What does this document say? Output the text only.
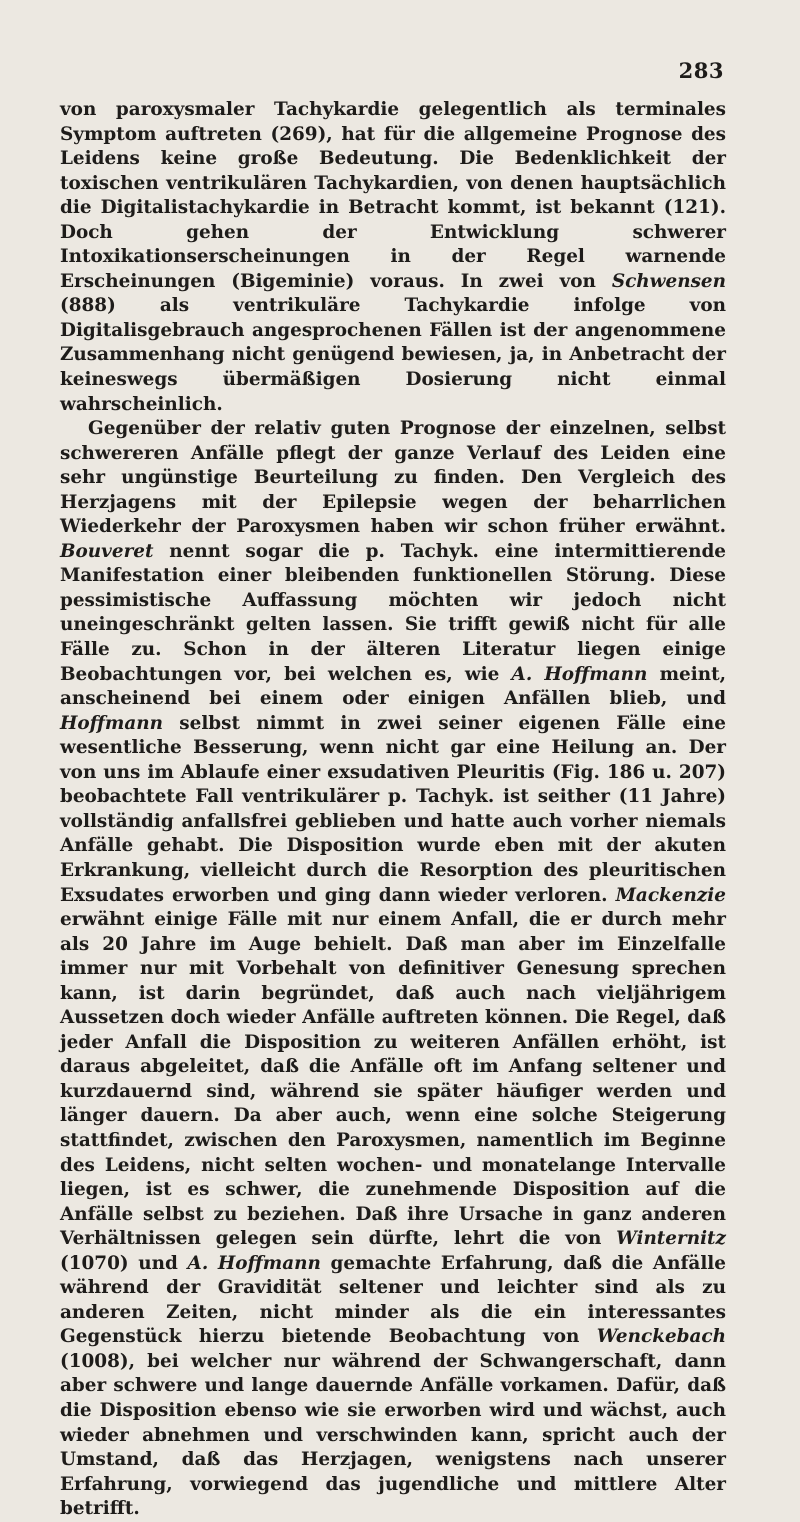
283

von paroxysmaler Tachykardie gelegentlich als terminales Symptom auftreten (269), hat für die allgemeine Prognose des Leidens keine große Bedeutung. Die Bedenklichkeit der toxischen ventrikulären Tachykardien, von denen hauptsächlich die Digitalistachykardie in Betracht kommt, ist bekannt (121). Doch gehen der Entwicklung schwerer Intoxikationserscheinungen in der Regel warnende Erscheinungen (Bigeminie) voraus. In zwei von Schwensen (888) als ventrikuläre Tachykardie infolge von Digitalisgebrauch angesprochenen Fällen ist der angenommene Zusammenhang nicht genügend bewiesen, ja, in Anbetracht der keineswegs übermäßigen Dosierung nicht einmal wahrscheinlich.

Gegenüber der relativ guten Prognose der einzelnen, selbst schwereren Anfälle pflegt der ganze Verlauf des Leiden eine sehr ungünstige Beurteilung zu finden. Den Vergleich des Herzjagens mit der Epilepsie wegen der beharrlichen Wiederkehr der Paroxysmen haben wir schon früher erwähnt. Bouveret nennt sogar die p. Tachyk. eine intermittierende Manifestation einer bleibenden funktionellen Störung. Diese pessimistische Auffassung möchten wir jedoch nicht uneingeschränkt gelten lassen. Sie trifft gewiß nicht für alle Fälle zu. Schon in der älteren Literatur liegen einige Beobachtungen vor, bei welchen es, wie A. Hoffmann meint, anscheinend bei einem oder einigen Anfällen blieb, und Hoffmann selbst nimmt in zwei seiner eigenen Fälle eine wesentliche Besserung, wenn nicht gar eine Heilung an. Der von uns im Ablaufe einer exsudativen Pleuritis (Fig. 186 u. 207) beobachtete Fall ventrikulärer p. Tachyk. ist seither (11 Jahre) vollständig anfallsfrei geblieben und hatte auch vorher niemals Anfälle gehabt. Die Disposition wurde eben mit der akuten Erkrankung, vielleicht durch die Resorption des pleuritischen Exsudates erworben und ging dann wieder verloren. Mackenzie erwähnt einige Fälle mit nur einem Anfall, die er durch mehr als 20 Jahre im Auge behielt. Daß man aber im Einzelfalle immer nur mit Vorbehalt von definitiver Genesung sprechen kann, ist darin begründet, daß auch nach vieljährigem Aussetzen doch wieder Anfälle auftreten können. Die Regel, daß jeder Anfall die Disposition zu weiteren Anfällen erhöht, ist daraus abgeleitet, daß die Anfälle oft im Anfang seltener und kurzdauernd sind, während sie später häufiger werden und länger dauern. Da aber auch, wenn eine solche Steigerung stattfindet, zwischen den Paroxysmen, namentlich im Beginne des Leidens, nicht selten wochen- und monatelange Intervalle liegen, ist es schwer, die zunehmende Disposition auf die Anfälle selbst zu beziehen. Daß ihre Ursache in ganz anderen Verhältnissen gelegen sein dürfte, lehrt die von Winternitz (1070) und A. Hoffmann gemachte Erfahrung, daß die Anfälle während der Gravidität seltener und leichter sind als zu anderen Zeiten, nicht minder als die ein interessantes Gegenstück hierzu bietende Beobachtung von Wenckebach (1008), bei welcher nur während der Schwangerschaft, dann aber schwere und lange dauernde Anfälle vorkamen. Dafür, daß die Disposition ebenso wie sie erworben wird und wächst, auch wieder abnehmen und verschwinden kann, spricht auch der Umstand, daß das Herzjagen, wenigstens nach unserer Erfahrung, vorwiegend das jugendliche und mittlere Alter betrifft.
